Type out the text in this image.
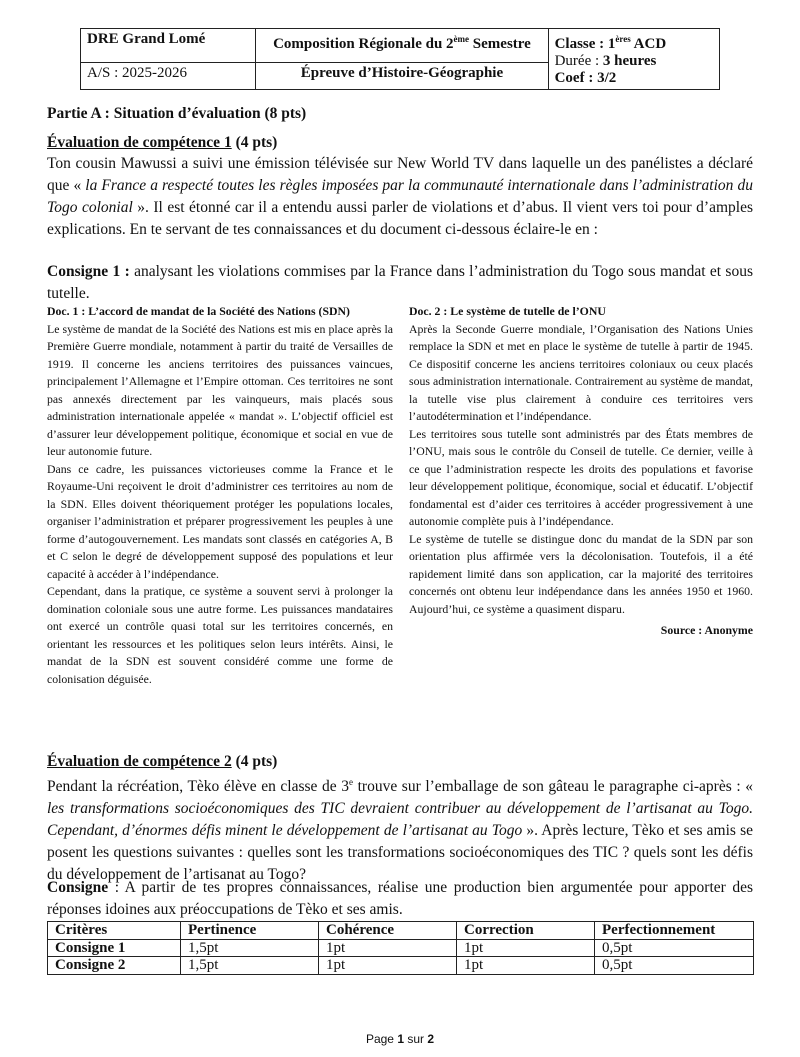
DRE Grand Lomé	Composition Régionale du 2ème Semestre	Classe : 1ères ACD
Durée : 3 heures
Coef : 3/2

A/S : 2025-2026	Épreuve d’Histoire-Géographie	
Partie A : Situation d’évaluation (8 pts)
Évaluation de compétence 1 (4 pts)
Ton cousin Mawussi a suivi une émission télévisée sur New World TV dans laquelle un des panélistes a déclaré que « la France a respecté toutes les règles imposées par la communauté internationale dans l’administration du Togo colonial ». Il est étonné car il a entendu aussi parler de violations et d’abus. Il vient vers toi pour d’amples explications. En te servant de tes connaissances et du document ci-dessous éclaire-le en :
Consigne 1 : analysant les violations commises par la France dans l’administration du Togo sous mandat et sous tutelle.

Doc. 1 : L’accord de mandat de la Société des Nations (SDN)

Le système de mandat de la Société des Nations est mis en place après la Première Guerre mondiale, notamment à partir du traité de Versailles de 1919. Il concerne les anciens territoires des puissances vaincues, principalement l’Allemagne et l’Empire ottoman. Ces territoires ne sont pas annexés directement par les vainqueurs, mais placés sous administration internationale appelée « mandat ». L’objectif officiel est d’assurer leur développement politique, économique et social en vue de leur autonomie future.

Dans ce cadre, les puissances victorieuses comme la France et le Royaume-Uni reçoivent le droit d’administrer ces territoires au nom de la SDN. Elles doivent théoriquement protéger les populations locales, organiser l’administration et préparer progressivement les peuples à une forme d’autogouvernement. Les mandats sont classés en catégories A, B et C selon le degré de développement supposé des populations et leur capacité à accéder à l’indépendance.

Cependant, dans la pratique, ce système a souvent servi à prolonger la domination coloniale sous une autre forme. Les puissances mandataires ont exercé un contrôle quasi total sur les territoires concernés, en orientant les ressources et les politiques selon leurs intérêts. Ainsi, le mandat de la SDN est souvent considéré comme une forme de colonisation déguisée.

Doc. 2 : Le système de tutelle de l’ONU

Après la Seconde Guerre mondiale, l’Organisation des Nations Unies remplace la SDN et met en place le système de tutelle à partir de 1945. Ce dispositif concerne les anciens territoires coloniaux ou ceux placés sous administration internationale. Contrairement au système de mandat, la tutelle vise plus clairement à conduire ces territoires vers l’autodétermination et l’indépendance.

Les territoires sous tutelle sont administrés par des États membres de l’ONU, mais sous le contrôle du Conseil de tutelle. Ce dernier, veille à ce que l’administration respecte les droits des populations et favorise leur développement politique, économique, social et éducatif. L’objectif fondamental est d’aider ces territoires à accéder progressivement à une autonomie complète puis à l’indépendance.

Le système de tutelle se distingue donc du mandat de la SDN par son orientation plus affirmée vers la décolonisation. Toutefois, il a été rapidement limité dans son application, car la majorité des territoires concernés ont obtenu leur indépendance dans les années 1950 et 1960. Aujourd’hui, ce système a quasiment disparu.

Source : Anonyme

Évaluation de compétence 2 (4 pts)
Pendant la récréation, Tèko élève en classe de 3e trouve sur l’emballage de son gâteau le paragraphe ci-après : « les transformations socioéconomiques des TIC devraient contribuer au développement de l’artisanat au Togo. Cependant, d’énormes défis minent le développement de l’artisanat au Togo ». Après lecture, Tèko et ses amis se posent les questions suivantes : quelles sont les transformations socioéconomiques des TIC ? quels sont les défis du développement de l’artisanat au Togo?
Consigne : A partir de tes propres connaissances, réalise une production bien argumentée pour apporter des réponses idoines aux préoccupations de Tèko et ses amis.
Critères	Pertinence	Cohérence	Correction	Perfectionnement
Consigne 1	1,5pt	1pt	1pt	0,5pt
Consigne 2	1,5pt	1pt	1pt	0,5pt
Page 1 sur 2
